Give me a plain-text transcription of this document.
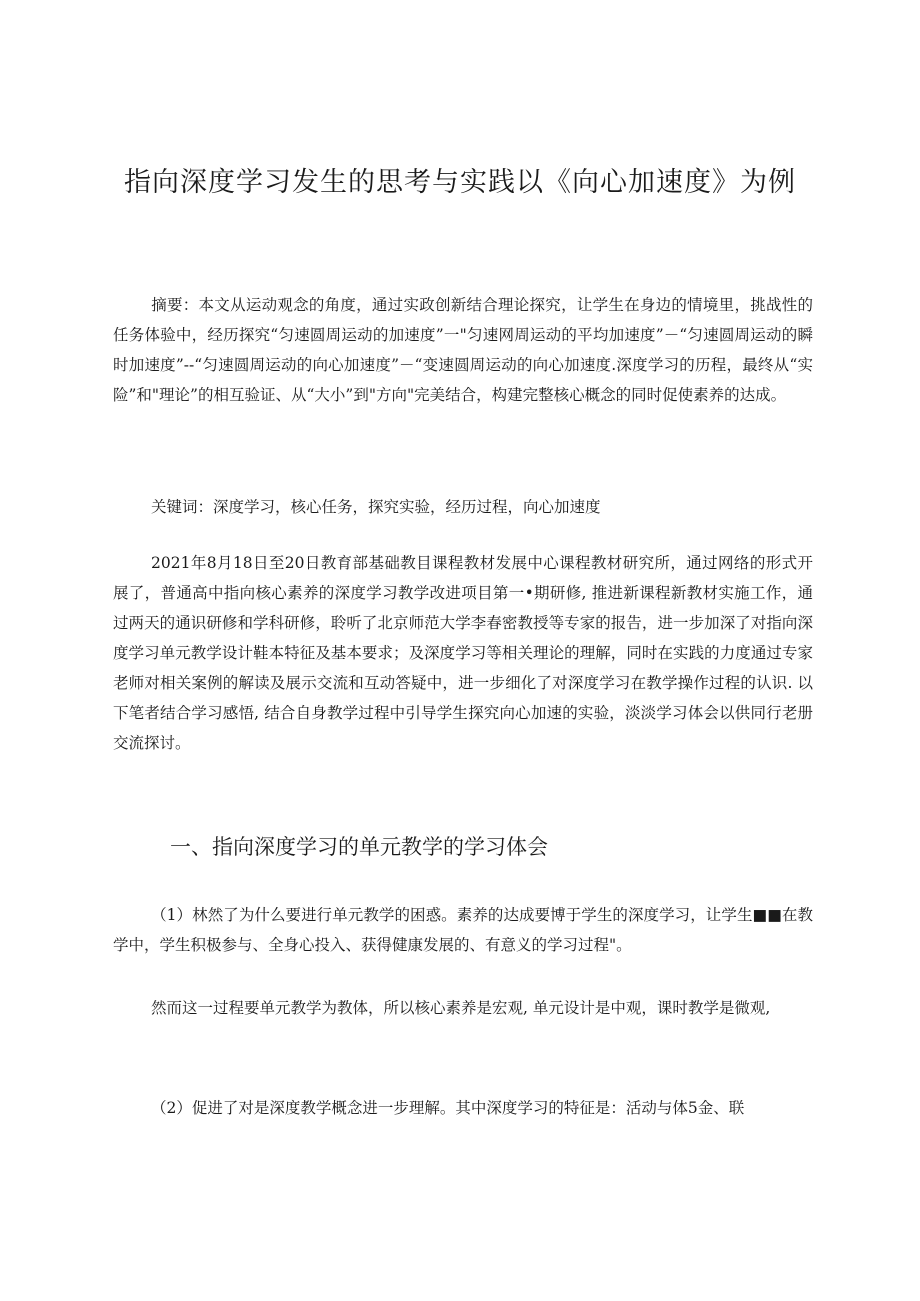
指向深度学习发生的思考与实践以《向心加速度》为例

摘要：本文从运动观念的角度，通过实政创新结合理论探究，让学生在身边的情境里，挑战性的任务体验中，经历探究“匀速圆周运动的加速度”一"匀速网周运动的平均加速度”－“匀速圆周运动的瞬时加速度”--“匀速圆周运动的向心加速度”－“变速圆周运动的向心加速度.深度学习的历程，最终从“实险”和"理论”的相互验证、从“大小”到"方向"完美结合，构建完整核心概念的同时促使素养的达成。

关键词：深度学习，核心任务，探究实验，经历过程，向心加速度

2021年8月18日至20日教育部基础教目课程教材发展中心课程教材研究所，通过网络的形式开展了，普通高中指向核心素养的深度学习教学改进项目第一•期研修, 推进新课程新教材实施工作，通过两天的通识研修和学科研修，聆听了北京师范大学李春密教授等专家的报告，进一步加深了对指向深度学习单元教学设计鞋本特征及基本要求；及深度学习等相关理论的理解，同时在实践的力度通过专家老师对相关案例的解读及展示交流和互动答疑中，进一步细化了对深度学习在教学操作过程的认识. 以下笔者结合学习感悟, 结合自身教学过程中引导学生探究向心加速的实验，淡淡学习体会以供同行老册交流探讨。

一、指向深度学习的单元教学的学习体会

（1）林然了为什么要进行单元教学的困惑。素养的达成要博于学生的深度学习，让学生■■在教学中，学生积极参与、全身心投入、获得健康发展的、有意义的学习过程"。

然而这一过程要单元教学为教体，所以核心素养是宏观, 单元设计是中观，课时教学是微观,

（2）促进了对是深度教学概念进一步理解。其中深度学习的特征是：活动与体5金、联
